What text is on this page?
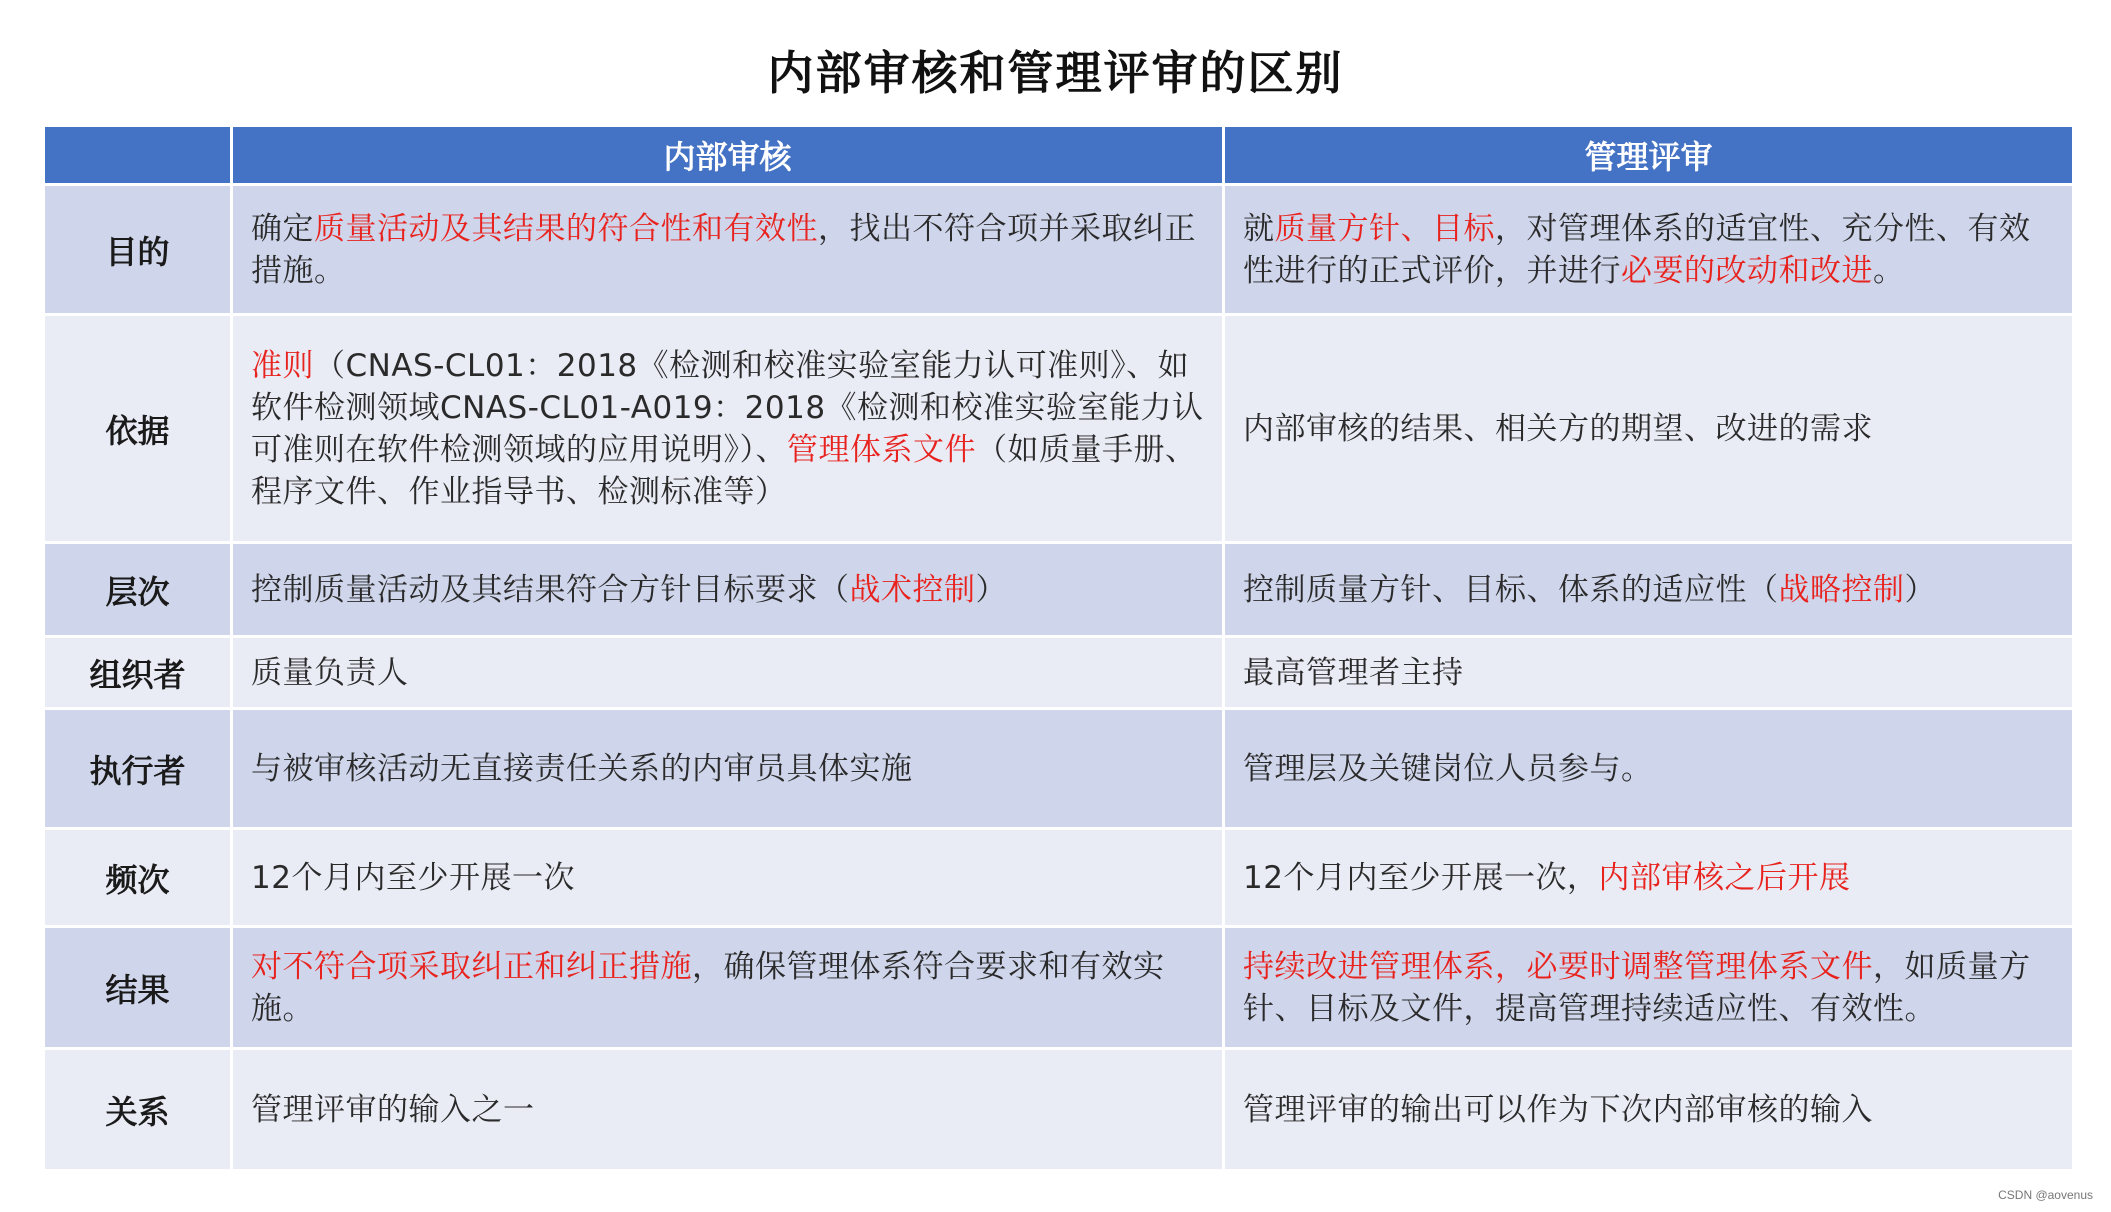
内部审核和管理评审的区别
	内部审核	管理评审
目的	确定质量活动及其结果的符合性和有效性，找出不符合项并采取纠正措施。	就质量方针、目标，对管理体系的适宜性、充分性、有效性进行的正式评价，并进行必要的改动和改进。
依据	准则（CNAS-CL01：2018《检测和校准实验室能力认可准则》、如软件检测领域CNAS-CL01-A019：2018《检测和校准实验室能力认可准则在软件检测领域的应用说明》）、管理体系文件（如质量手册、程序文件、作业指导书、检测标准等）	内部审核的结果、相关方的期望、改进的需求
层次	控制质量活动及其结果符合方针目标要求（战术控制）	控制质量方针、目标、体系的适应性（战略控制）
组织者	质量负责人	最高管理者主持
执行者	与被审核活动无直接责任关系的内审员具体实施	管理层及关键岗位人员参与。
频次	12个月内至少开展一次	12个月内至少开展一次，内部审核之后开展
结果	对不符合项采取纠正和纠正措施，确保管理体系符合要求和有效实施。	持续改进管理体系，必要时调整管理体系文件，如质量方针、目标及文件，提高管理持续适应性、有效性。
关系	管理评审的输入之一	管理评审的输出可以作为下次内部审核的输入
CSDN @aovenus
